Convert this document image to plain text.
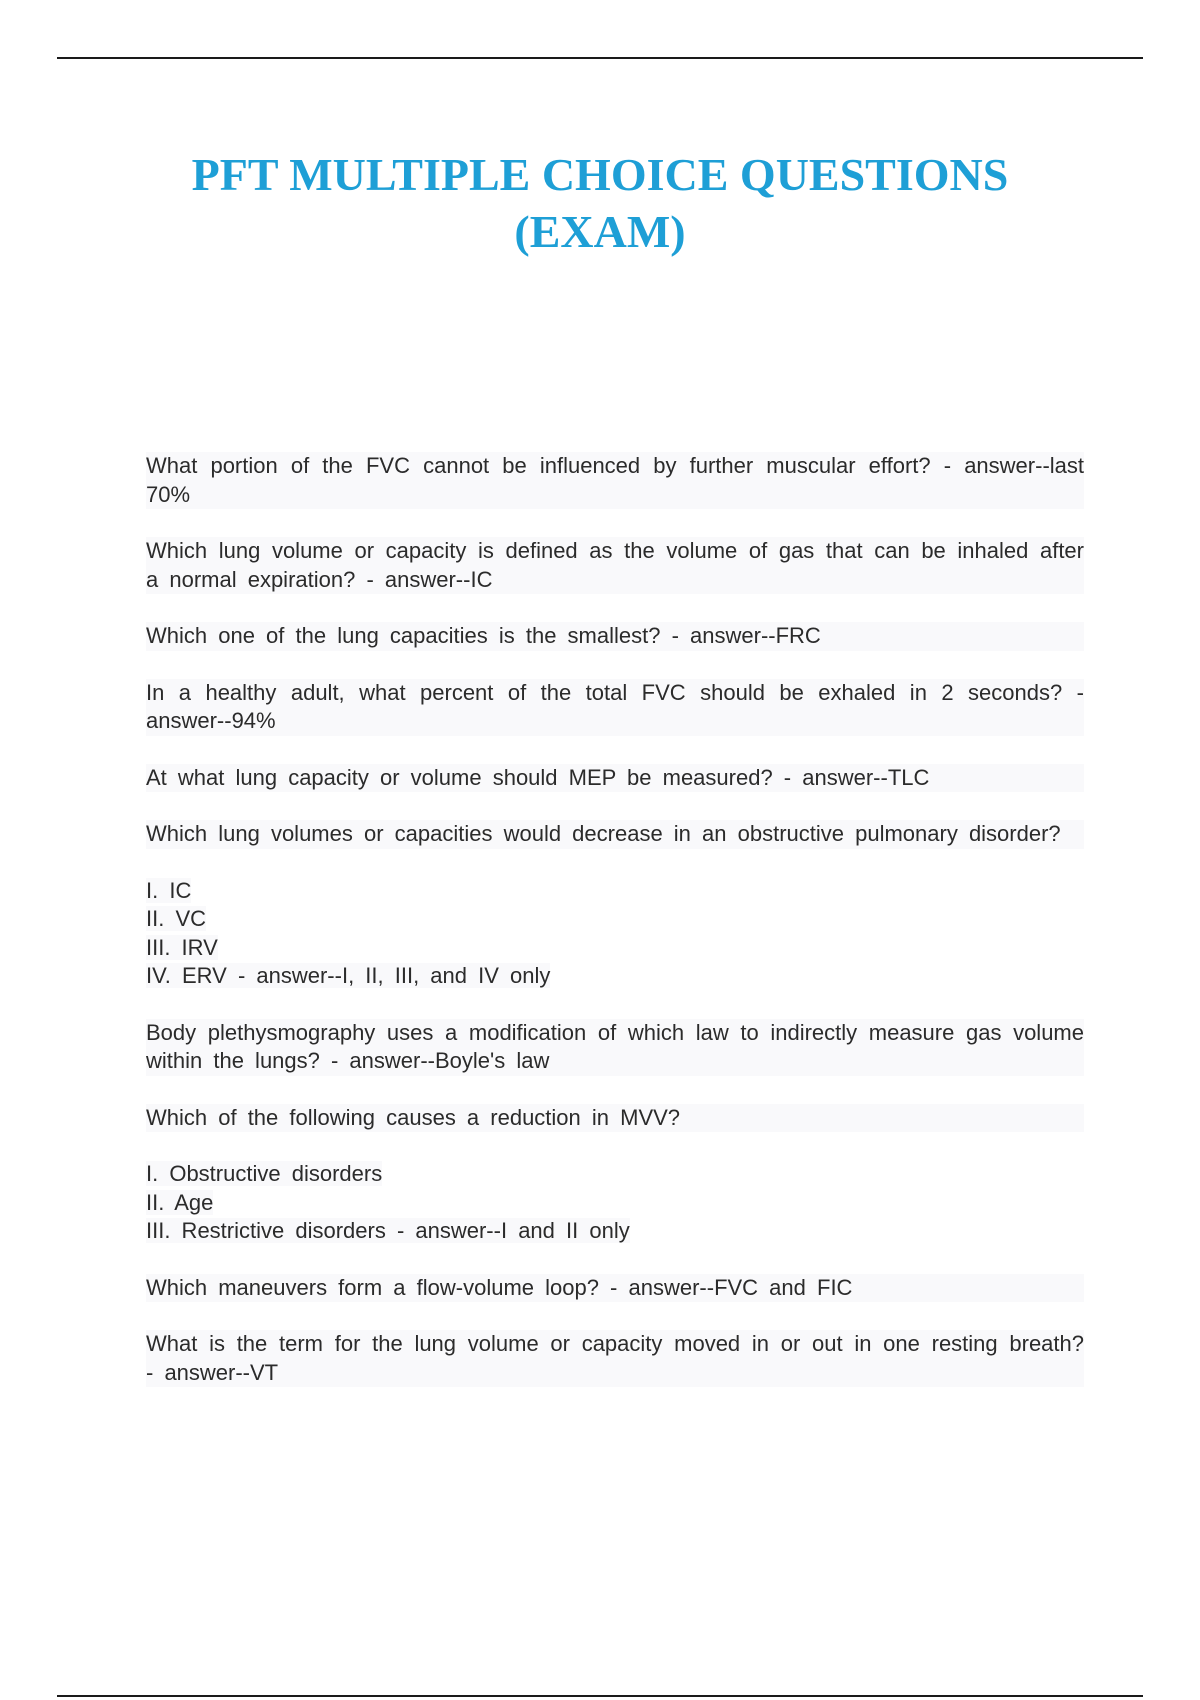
PFT MULTIPLE CHOICE QUESTIONS
(EXAM)

What portion of the FVC cannot be influenced by further muscular effort? - answer--last 70%

Which lung volume or capacity is defined as the volume of gas that can be inhaled after a normal expiration? - answer--IC

Which one of the lung capacities is the smallest? - answer--FRC

In a healthy adult, what percent of the total FVC should be exhaled in 2 seconds? - answer--94%

At what lung capacity or volume should MEP be measured? - answer--TLC

Which lung volumes or capacities would decrease in an obstructive pulmonary disorder?

I. IC
II. VC
III. IRV
IV. ERV - answer--I, II, III, and IV only

Body plethysmography uses a modification of which law to indirectly measure gas volume within the lungs? - answer--Boyle's law

Which of the following causes a reduction in MVV?

I. Obstructive disorders
II. Age
III. Restrictive disorders - answer--I and II only

Which maneuvers form a flow-volume loop? - answer--FVC and FIC

What is the term for the lung volume or capacity moved in or out in one resting breath? - answer--VT
